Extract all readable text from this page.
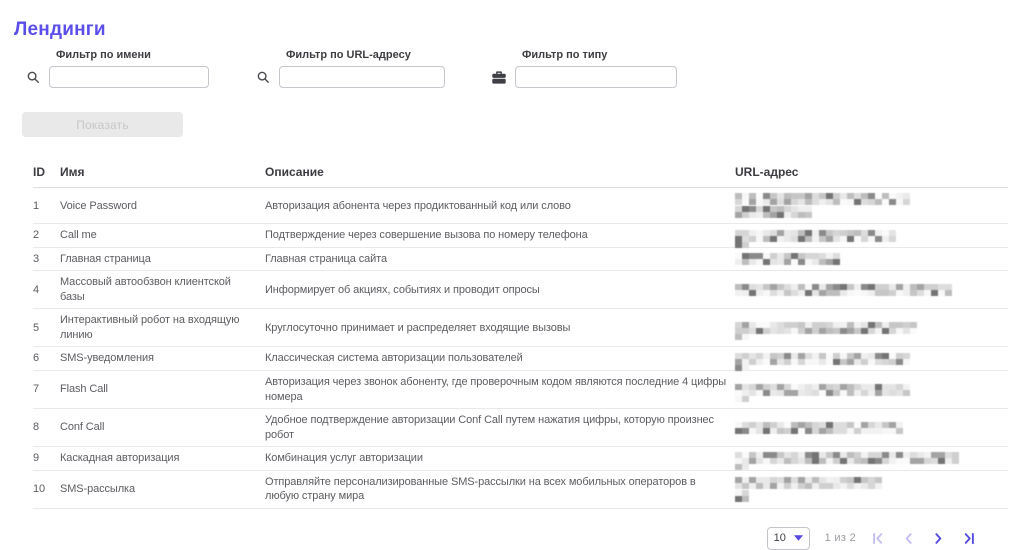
Лендинги
Фильтр по имени	Фильтр по URL-адресу	Фильтр по типу
Показать
ID	Имя	Описание	URL-адрес
1	Voice Password	Авторизация абонента через продиктованный код или слово	

2	Call me	Подтверждение через совершение вызова по номеру телефона	

3	Главная страница	Главная страница сайта	

4	Массовый автообзвон клиентской базы	Информирует об акциях, событиях и проводит опросы	

5	Интерактивный робот на входящую линию	Круглосуточно принимает и распределяет входящие вызовы	

6	SMS-уведомления	Классическая система авторизации пользователей	

7	Flash Call	Авторизация через звонок абоненту, где проверочным кодом являются последние 4 цифры номера	

8	Conf Call	Удобное подтверждение авторизации Conf Call путем нажатия цифры, которую произнес робот	

9	Каскадная авторизация	Комбинация услуг авторизации	

10	SMS-рассылка	Отправляйте персонализированные SMS-рассылки на всех мобильных операторов в любую страну мира	
10	1 из 2
